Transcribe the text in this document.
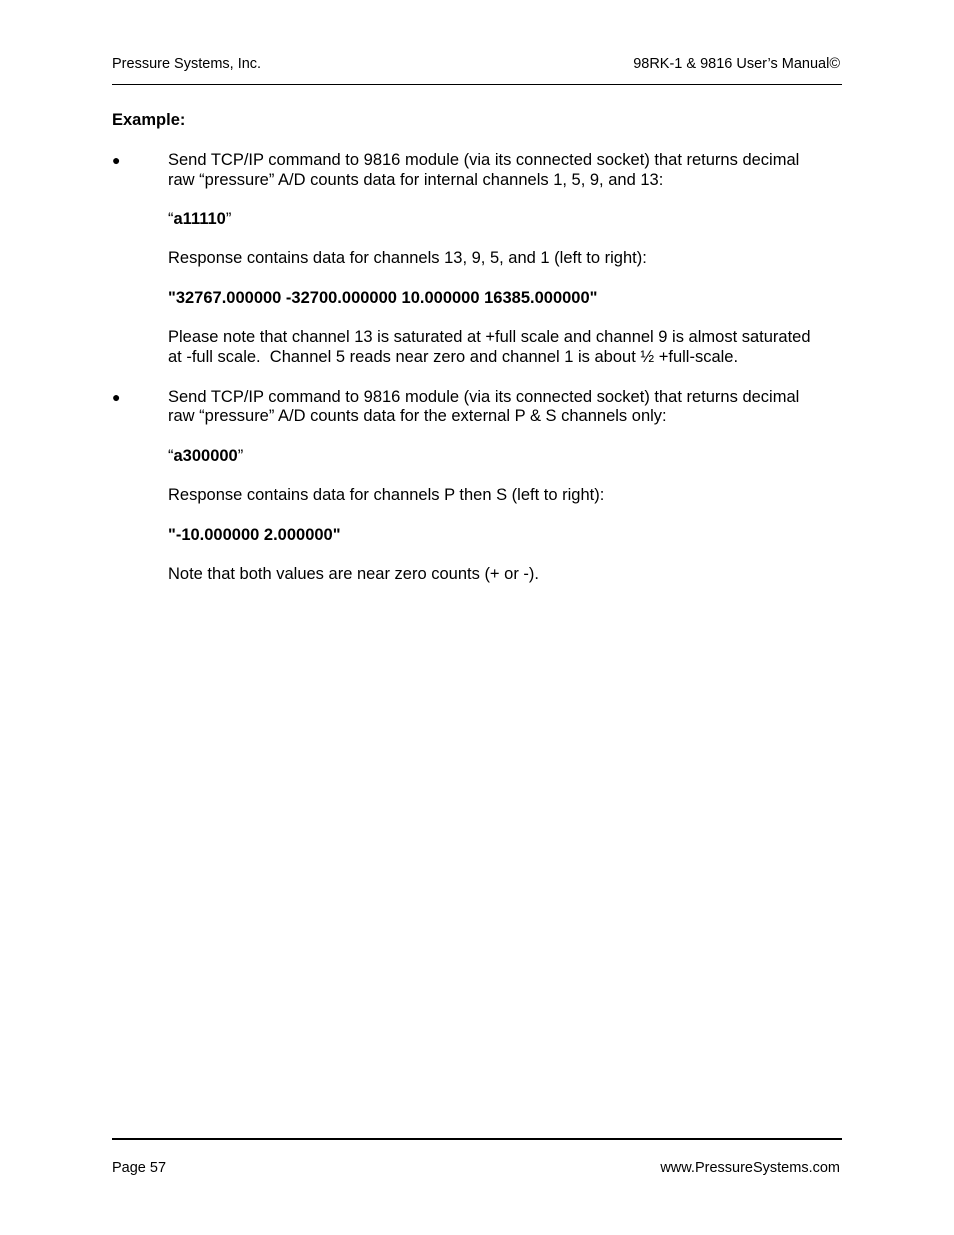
Pressure Systems, Inc.	98RK-1 & 9816 User’s Manual©
Example:
●	Send TCP/IP command to 9816 module (via its connected socket) that returns decimal
raw “pressure” A/D counts data for internal channels 1, 5, 9, and 13:
“a11110”
Response contains data for channels 13, 9, 5, and 1 (left to right):
"32767.000000 -32700.000000 10.000000 16385.000000"
Please note that channel 13 is saturated at +full scale and channel 9 is almost saturated
at -full scale.  Channel 5 reads near zero and channel 1 is about ½ +full-scale.
●	Send TCP/IP command to 9816 module (via its connected socket) that returns decimal
raw “pressure” A/D counts data for the external P & S channels only:
“a300000”
Response contains data for channels P then S (left to right):
"-10.000000 2.000000"
Note that both values are near zero counts (+ or -).
Page 57	www.PressureSystems.com
